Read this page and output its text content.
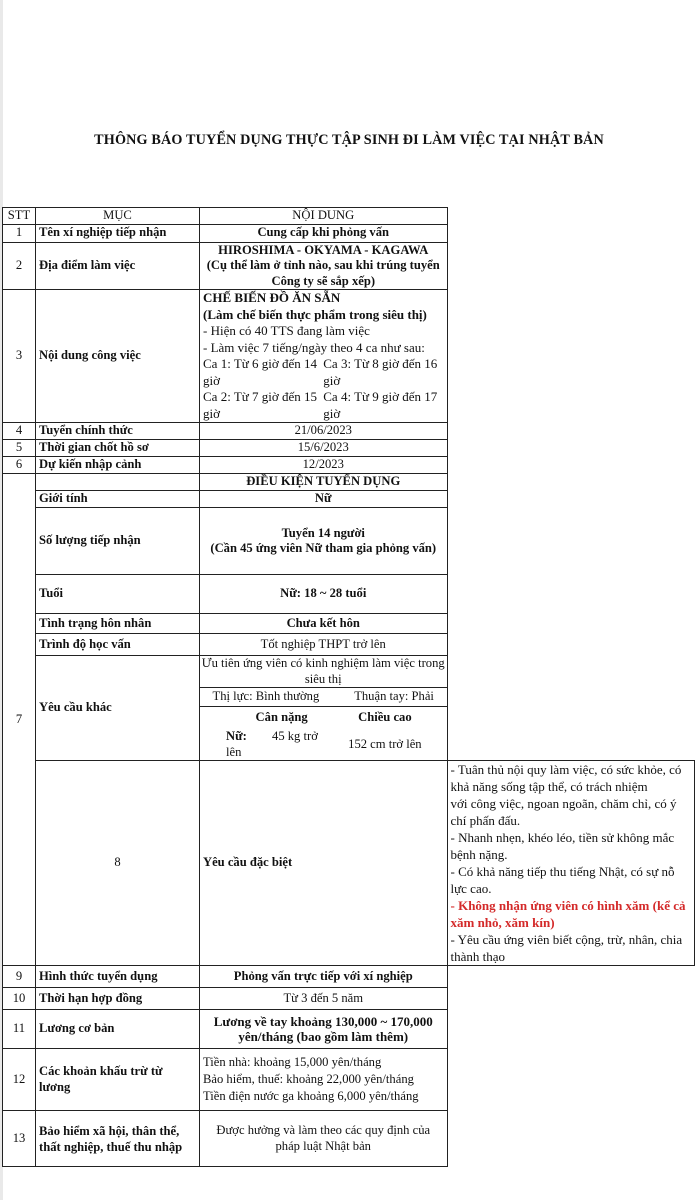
THÔNG BÁO TUYỂN DỤNG THỰC TẬP SINH ĐI LÀM VIỆC TẠI NHẬT BẢN
STT	MỤC	NỘI DUNG
1	Tên xí nghiệp tiếp nhận	Cung cấp khi phỏng vấn
2	Địa điểm làm việc	
HIROSHIMA - OKYAMA - KAGAWA
(Cụ thể làm ở tỉnh nào, sau khi trúng tuyển Công ty sẽ sắp xếp)

3	Nội dung công việc	
CHẾ BIẾN ĐỒ ĂN SẴN
(Làm chế biến thực phẩm trong siêu thị)
- Hiện có 40 TTS đang làm việc
- Làm việc 7 tiếng/ngày theo 4 ca như sau:
Ca 1: Từ 6 giờ đến 14 giờ
Ca 3: Từ 8 giờ đến 16 giờ
Ca 2: Từ 7 giờ đến 15 giờ
Ca 4: Từ 9 giờ đến 17 giờ

4	Tuyển chính thức	21/06/2023
5	Thời gian chốt hồ sơ	15/6/2023
6	Dự kiến nhập cảnh	12/2023
7		ĐIỀU KIỆN TUYỂN DỤNG
Giới tính	Nữ
Số lượng tiếp nhận	
Tuyển 14 người
(Cần 45 ứng viên Nữ tham gia phỏng vấn)

Tuổi	Nữ: 18 ~ 28 tuổi
Tình trạng hôn nhân	Chưa kết hôn
Trình độ học vấn	Tốt nghiệp THPT trở lên
Yêu cầu khác	
Ưu tiên ứng viên có kinh nghiệm làm việc trong siêu thị
Thị lực: Bình thường	Thuận tay: Phải
Cân nặng	Chiều cao
Nữ: 45 kg trở lên	152 cm trở lên

8	Yêu cầu đặc biệt	
- Tuân thủ nội quy làm việc, có sức khỏe, có khả năng sống tập thể, có trách nhiệm
với công việc, ngoan ngoãn, chăm chỉ, có ý chí phấn đấu.
- Nhanh nhẹn, khéo léo, tiền sử không mắc bệnh nặng.
- Có khả năng tiếp thu tiếng Nhật, có sự nỗ lực cao.
- Không nhận ứng viên có hình xăm (kể cả xăm nhỏ, xăm kín)
- Yêu cầu ứng viên biết cộng, trừ, nhân, chia thành thạo

9	Hình thức tuyển dụng	Phỏng vấn trực tiếp với xí nghiệp
10	Thời hạn hợp đồng	Từ 3 đến 5 năm
11	Lương cơ bản	Lương về tay khoảng 130,000 ~ 170,000 yên/tháng (bao gồm làm thêm)
12	Các khoản khấu trừ từ lương	
Tiền nhà: khoảng 15,000 yên/tháng
Bảo hiểm, thuế: khoảng 22,000 yên/tháng
Tiền điện nước ga khoảng 6,000 yên/tháng

13	Bảo hiểm xã hội, thân thể, thất nghiệp, thuế thu nhập	Được hưởng và làm theo các quy định của pháp luật Nhật bản
